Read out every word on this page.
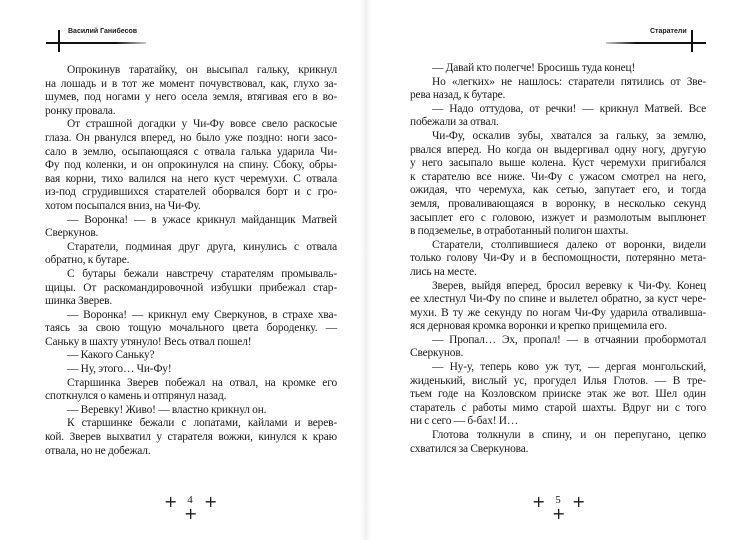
Василий Ганибесов
Опрокинув таратайку, он высыпал гальку, крикнул
на лошадь и в тот же момент почувствовал, как, глухо за-
шумев, под ногами у него осела земля, втягивая его в во-
ронку провала.
От страшной догадки у Чи-Фу вовсе свело раскосые
глаза. Он рванулся вперед, но было уже поздно: ноги засо-
сало в землю, осыпающаяся с отвала галька ударила Чи-
Фу под коленки, и он опрокинулся на спину. Сбоку, обры-
вая корни, тихо валился на него куст черемухи. С отвала
из-под сгрудившихся старателей оборвался борт и с гро-
хотом посыпался вниз, на Чи-Фу.
— Воронка! — в ужасе крикнул майданщик Матвей
Сверкунов.
Старатели, подминая друг друга, кинулись с отвала
обратно, к бутаре.
С бутары бежали навстречу старателям промываль-
щицы. От раскомандировочной избушки прибежал стар-
шинка Зверев.
— Воронка! — крикнул ему Сверкунов, в страхе хва-
таясь за свою тощую мочального цвета бороденку. —
Саньку в шахту утянуло! Весь отвал пошел!
— Какого Саньку?
— Ну, этого… Чи-Фу!
Старшинка Зверев побежал на отвал, на кромке его
споткнулся о камень и отпрянул назад.
— Веревку! Живо! — властно крикнул он.
К старшинке бежали с лопатами, кайлами и верев-
кой. Зверев выхватил у старателя вожжи, кинулся к краю
отвала, но не добежал.
+ 4 +
+
Старатели
— Давай кто полегче! Бросишь туда конец!
Но «легких» не нашлось: старатели пятились от Зве-
рева назад, к бутаре.
— Надо оттудова, от речки! — крикнул Матвей. Все
побежали за отвал.
Чи-Фу, оскалив зубы, хватался за гальку, за землю,
рвался вперед. Но когда он выдергивал одну ногу, другую
у него засыпало выше колена. Куст черемухи пригибался
к старателю все ниже. Чи-Фу с ужасом смотрел на него,
ожидая, что черемуха, как сетью, запутает его, и тогда
земля, проваливающаяся в воронку, в несколько секунд
засыплет его с головою, изжует и размолотым выплюнет
в подземелье, в отработанный полигон шахты.
Старатели, столпившиеся далеко от воронки, видели
только голову Чи-Фу и в беспомощности, потерянно мета-
лись на месте.
Зверев, выйдя вперед, бросил веревку к Чи-Фу. Конец
ее хлестнул Чи-Фу по спине и вылетел обратно, за куст чере-
мухи. В ту же секунду по ногам Чи-Фу ударила отвалившa-
яся дерновая кромка воронки и крепко прищемила его.
— Пропал… Эх, пропал! — в отчаянии пробормотал
Сверкунов.
— Ну-у, теперь ково уж тут, — дергая монгольский,
жиденький, вислый ус, прогудел Илья Глотов. — В тре-
тьем годе на Козловском прииске этак же вот. Шел один
старатель с работы мимо старой шахты. Вдруг ни с того
ни с сего — б-бах! И…
Глотова толкнули в спину, и он перепугано, цепко
схватился за Сверкунова.
+ 5 +
+
